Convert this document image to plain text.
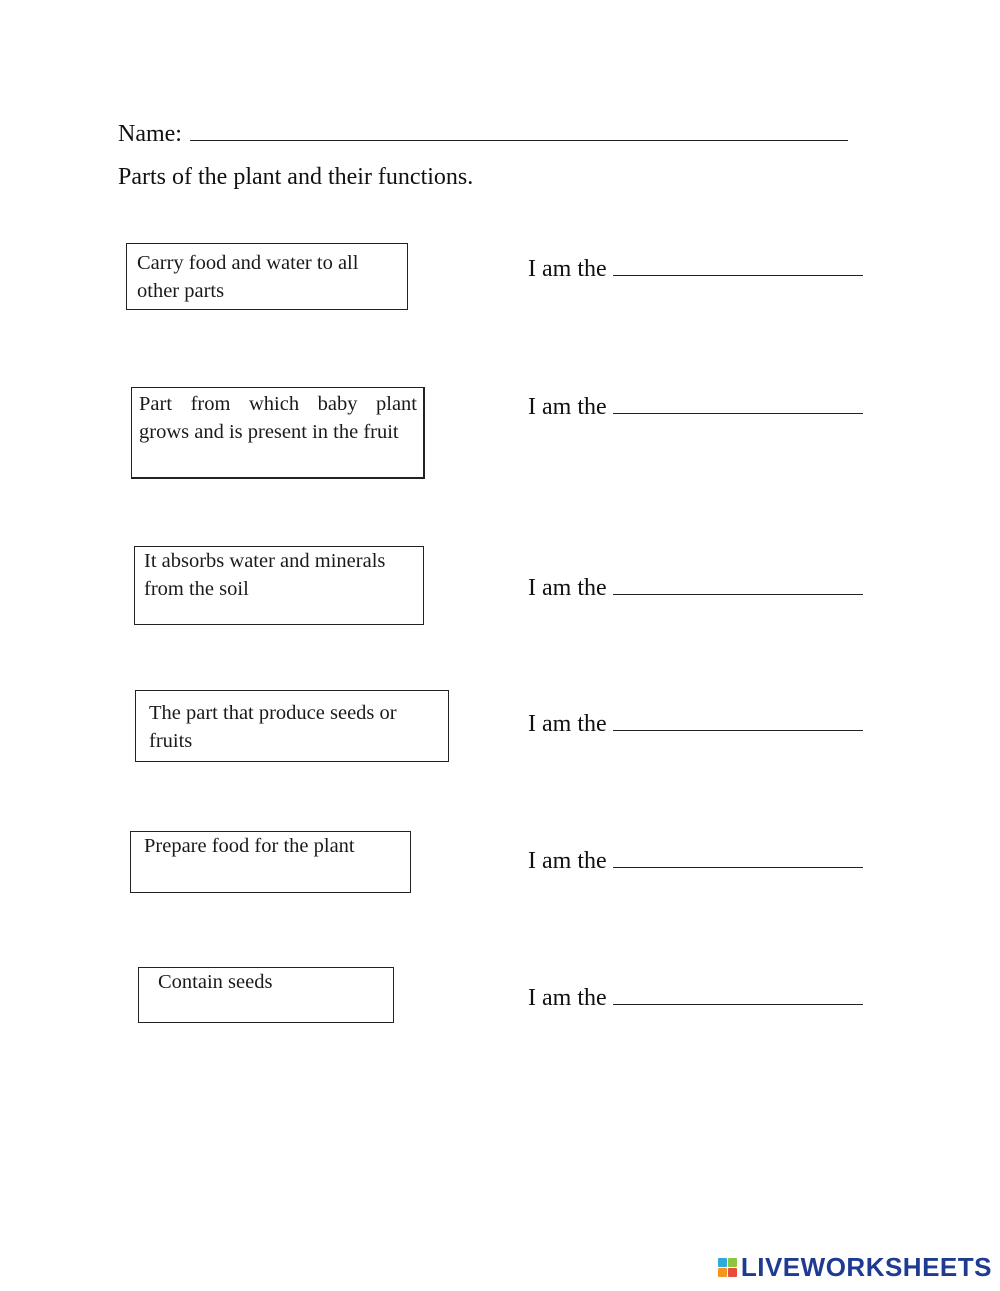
Name:
Parts of the plant and their functions.
Carry food and water to all other parts
I am the
Part from which baby plant grows and is present in the fruit
I am the
It absorbs water and minerals from the soil	I am the
The part that produce seeds or fruits
I am the
Prepare food for the plant
I am the
Contain seeds
I am the
LIVEWORKSHEETS
